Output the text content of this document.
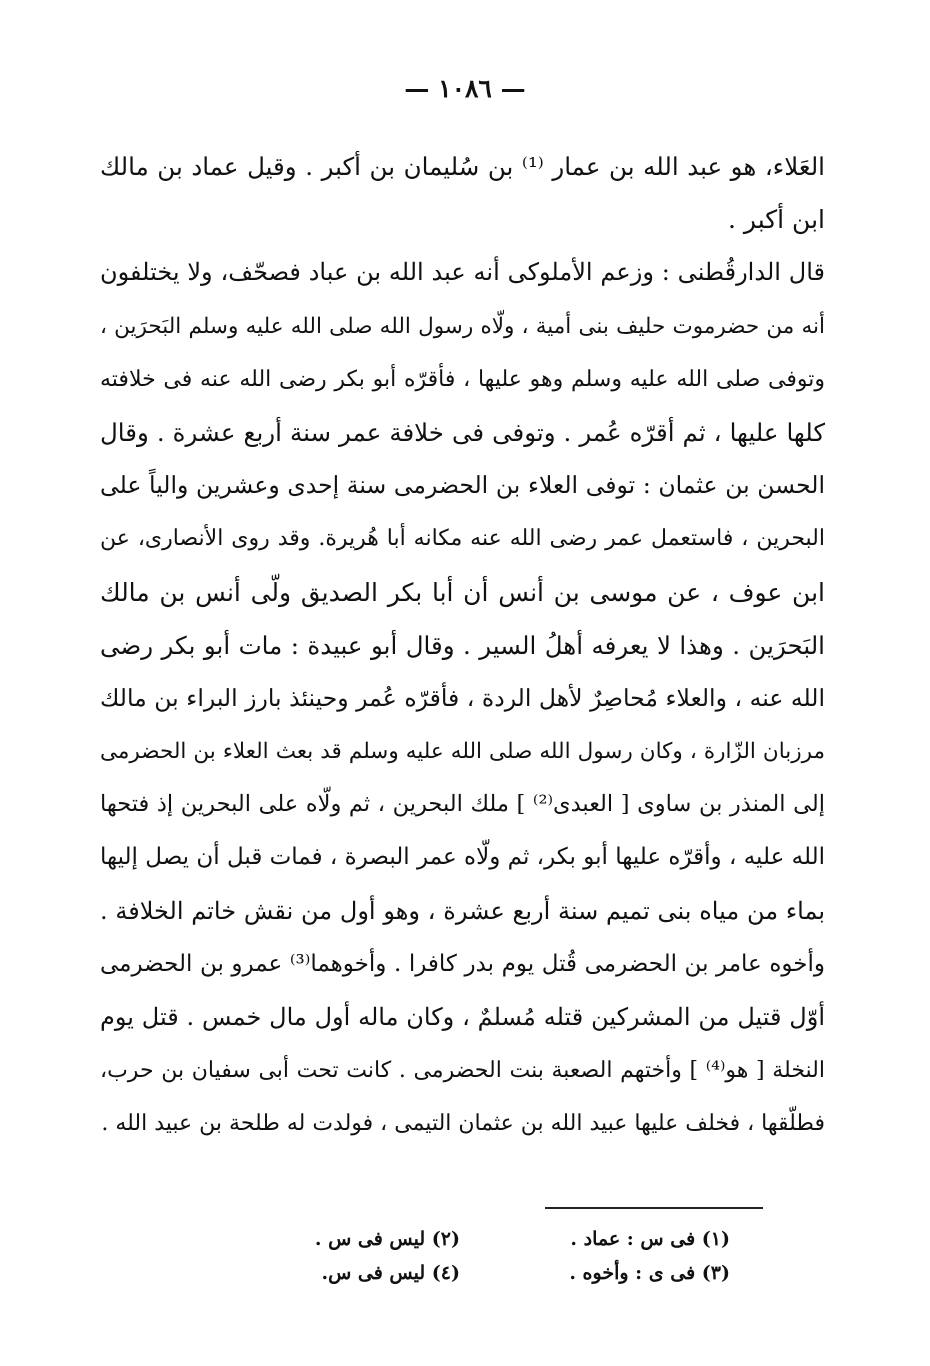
— ١٠٨٦ —
العَلاء، هو عبد الله بن عمار ⁽¹⁾ بن سُليمان بن أكبر . وقيل عماد بن مالك
ابن أكبر .
قال الدارقُطنى : وزعم الأملوكى أنه عبد الله بن عباد فصحّف، ولا يختلفون
أنه من حضرموت حليف بنى أمية ، ولّاه رسول الله صلى الله عليه وسلم البَحرَين ،
وتوفى صلى الله عليه وسلم وهو عليها ، فأقرّه أبو بكر رضى الله عنه فى خلافته
كلها عليها ، ثم أقرّه عُمر . وتوفى فى خلافة عمر سنة أربع عشرة . وقال
الحسن بن عثمان : توفى العلاء بن الحضرمى سنة إحدى وعشرين والياً على
البحرين ، فاستعمل عمر رضى الله عنه مكانه أبا هُريرة. وقد روى الأنصارى، عن
ابن عوف ، عن موسى بن أنس أن أبا بكر الصديق ولّى أنس بن مالك
البَحرَين . وهذا لا يعرفه أهلُ السير . وقال أبو عبيدة : مات أبو بكر رضى
الله عنه ، والعلاء مُحاصِرٌ لأهل الردة ، فأقرّه عُمر وحينئذ بارز البراء بن مالك
مرزبان الزّارة ، وكان رسول الله صلى الله عليه وسلم قد بعث العلاء بن الحضرمى
إلى المنذر بن ساوى [ العبدى⁽²⁾ ] ملك البحرين ، ثم ولّاه على البحرين إذ فتحها
الله عليه ، وأقرّه عليها أبو بكر، ثم ولّاه عمر البصرة ، فمات قبل أن يصل إليها
بماء من مياه بنى تميم سنة أربع عشرة ، وهو أول من نقش خاتم الخلافة .
وأخوه عامر بن الحضرمى قُتل يوم بدر كافرا . وأخوهما⁽³⁾ عمرو بن الحضرمى
أوّل قتيل من المشركين قتله مُسلمٌ ، وكان ماله أول مال خمس . قتل يوم
النخلة [ هو⁽⁴⁾ ] وأختهم الصعبة بنت الحضرمى . كانت تحت أبى سفيان بن حرب،
فطلّقها ، فخلف عليها عبيد الله بن عثمان التيمى ، فولدت له طلحة بن عبيد الله .
(١) فى س : عماد .
(٢) ليس فى س .
(٣) فى ى : وأخوه .
(٤) ليس فى س.
